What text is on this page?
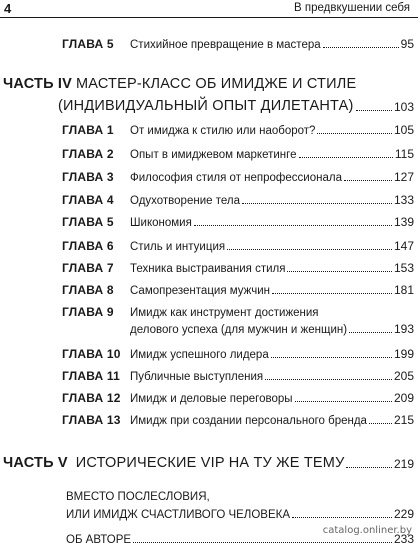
4	В предвкушении себя
ГЛАВА 5	Стихийное превращение в мастера	95
ЧАСТЬ IV МАСТЕР-КЛАСС ОБ ИМИДЖЕ И СТИЛЕ
(ИНДИВИДУАЛЬНЫЙ ОПЫТ ДИЛЕТАНТА)	103
ГЛАВА 1	От имиджа к стилю или наоборот?	105
ГЛАВА 2	Опыт в имиджевом маркетинге	115
ГЛАВА 3	Философия стиля от непрофессионала	127
ГЛАВА 4	Одухотворение тела	133
ГЛАВА 5	Шикономия	139
ГЛАВА 6	Стиль и интуиция	147
ГЛАВА 7	Техника выстраивания стиля	153
ГЛАВА 8	Самопрезентация мужчин	181
ГЛАВА 9	Имидж как инструмент достижения
делового успеха (для мужчин и женщин)	193
ГЛАВА 10 Имидж успешного лидера	199
ГЛАВА 11 Публичные выступления	205
ГЛАВА 12 Имидж и деловые переговоры	209
ГЛАВА 13 Имидж при создании персонального бренда 215
ЧАСТЬ V ИСТОРИЧЕСКИЕ VIP НА ТУ ЖЕ ТЕМУ	219
ВМЕСТО ПОСЛЕСЛОВИЯ,
ИЛИ ИМИДЖ СЧАСТЛИВОГО ЧЕЛОВЕКА	229
ОБ АВТОРЕ	233
catalog.onliner.by
